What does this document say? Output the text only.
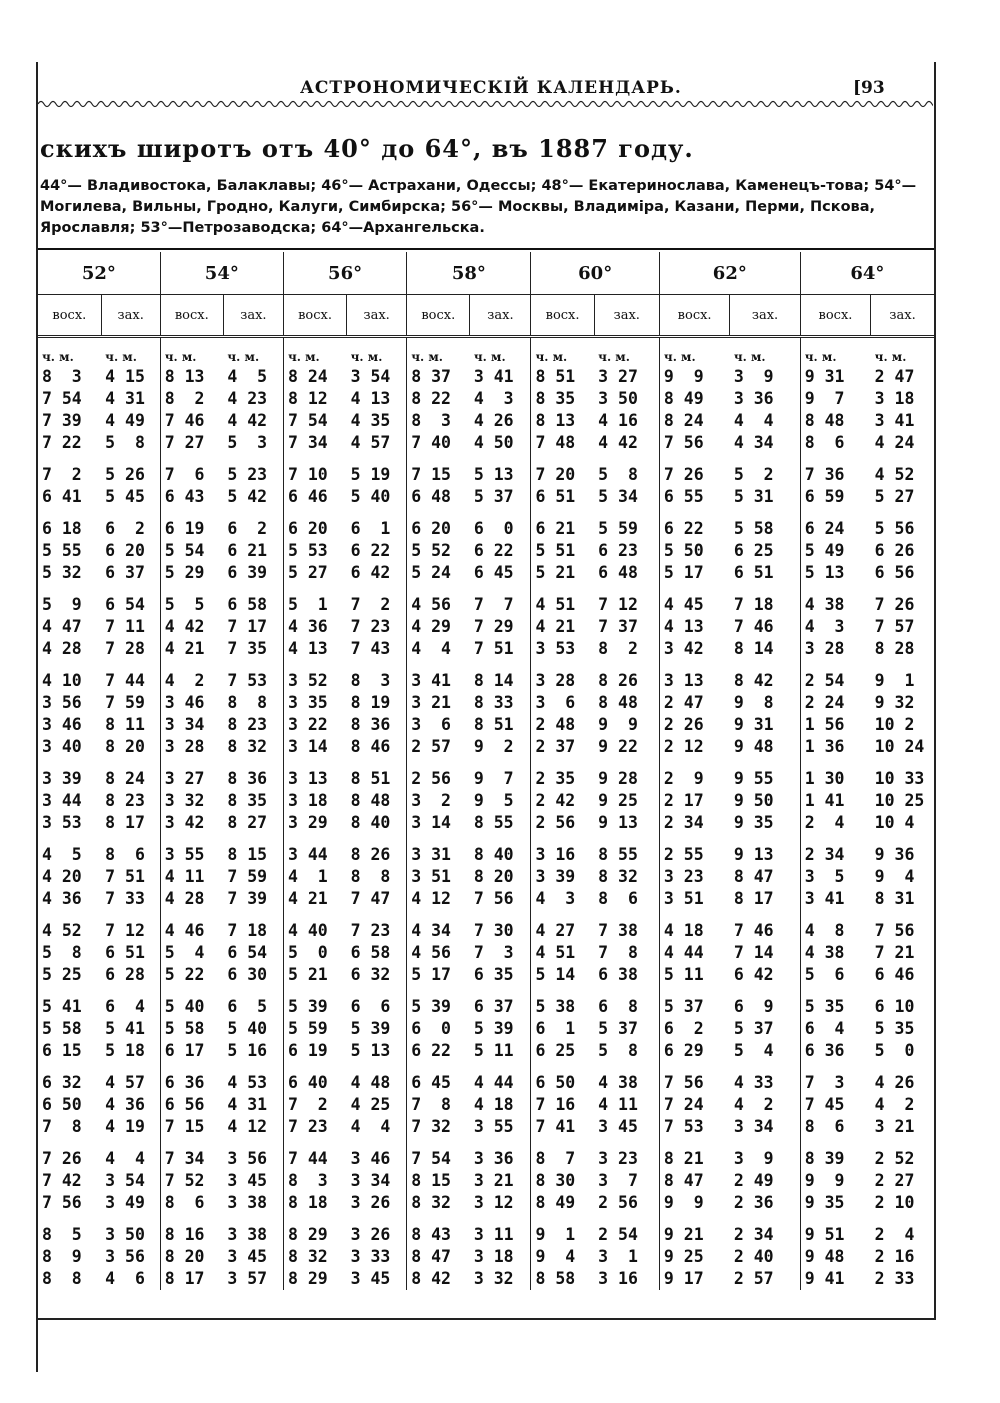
АСТРОНОМИЧЕСКІЙ КАЛЕНДАРЬ.	[93
скихъ широтъ отъ 40° до 64°, въ 1887 году.
44°— Владивостока, Балаклавы; 46°— Астрахани, Одессы; 48°— Екатеринослава, Каменецъ-това; 54°— Могилева, Вильны, Гродно, Калуги, Симбирска; 56°— Москвы, Владиміра, Казани, Перми, Пскова, Ярославля; 53°—Петрозаводска; 64°—Архангельска.
52°		54°		56°		58°		60°		62°		64°	
восх.	зах.	восх.	зах.	восх.	зах.	восх.	зах.	восх.	зах.	восх.	зах.	восх.	зах.
ч. м.	ч. м.	ч. м.	ч. м.	ч. м.	ч. м.	ч. м.	ч. м.	ч. м.	ч. м.	ч. м.	ч. м.	ч. м.	ч. м.
8  3	4 15	8 13	4  5	8 24	3 54	8 37	3 41	8 51	3 27	9  9	3  9	9 31	2 47
7 54	4 31	8  2	4 23	8 12	4 13	8 22	4  3	8 35	3 50	8 49	3 36	9  7	3 18
7 39	4 49	7 46	4 42	7 54	4 35	8  3	4 26	8 13	4 16	8 24	4  4	8 48	3 41
7 22	5  8	7 27	5  3	7 34	4 57	7 40	4 50	7 48	4 42	7 56	4 34	8  6	4 24
7  2	5 26	7  6	5 23	7 10	5 19	7 15	5 13	7 20	5  8	7 26	5  2	7 36	4 52
6 41	5 45	6 43	5 42	6 46	5 40	6 48	5 37	6 51	5 34	6 55	5 31	6 59	5 27
6 18	6  2	6 19	6  2	6 20	6  1	6 20	6  0	6 21	5 59	6 22	5 58	6 24	5 56
5 55	6 20	5 54	6 21	5 53	6 22	5 52	6 22	5 51	6 23	5 50	6 25	5 49	6 26
5 32	6 37	5 29	6 39	5 27	6 42	5 24	6 45	5 21	6 48	5 17	6 51	5 13	6 56
5  9	6 54	5  5	6 58	5  1	7  2	4 56	7  7	4 51	7 12	4 45	7 18	4 38	7 26
4 47	7 11	4 42	7 17	4 36	7 23	4 29	7 29	4 21	7 37	4 13	7 46	4  3	7 57
4 28	7 28	4 21	7 35	4 13	7 43	4  4	7 51	3 53	8  2	3 42	8 14	3 28	8 28
4 10	7 44	4  2	7 53	3 52	8  3	3 41	8 14	3 28	8 26	3 13	8 42	2 54	9  1
3 56	7 59	3 46	8  8	3 35	8 19	3 21	8 33	3  6	8 48	2 47	9  8	2 24	9 32
3 46	8 11	3 34	8 23	3 22	8 36	3  6	8 51	2 48	9  9	2 26	9 31	1 56	10 2
3 40	8 20	3 28	8 32	3 14	8 46	2 57	9  2	2 37	9 22	2 12	9 48	1 36	10 24
3 39	8 24	3 27	8 36	3 13	8 51	2 56	9  7	2 35	9 28	2  9	9 55	1 30	10 33
3 44	8 23	3 32	8 35	3 18	8 48	3  2	9  5	2 42	9 25	2 17	9 50	1 41	10 25
3 53	8 17	3 42	8 27	3 29	8 40	3 14	8 55	2 56	9 13	2 34	9 35	2  4	10 4
4  5	8  6	3 55	8 15	3 44	8 26	3 31	8 40	3 16	8 55	2 55	9 13	2 34	9 36
4 20	7 51	4 11	7 59	4  1	8  8	3 51	8 20	3 39	8 32	3 23	8 47	3  5	9  4
4 36	7 33	4 28	7 39	4 21	7 47	4 12	7 56	4  3	8  6	3 51	8 17	3 41	8 31
4 52	7 12	4 46	7 18	4 40	7 23	4 34	7 30	4 27	7 38	4 18	7 46	4  8	7 56
5  8	6 51	5  4	6 54	5  0	6 58	4 56	7  3	4 51	7  8	4 44	7 14	4 38	7 21
5 25	6 28	5 22	6 30	5 21	6 32	5 17	6 35	5 14	6 38	5 11	6 42	5  6	6 46
5 41	6  4	5 40	6  5	5 39	6  6	5 39	6 37	5 38	6  8	5 37	6  9	5 35	6 10
5 58	5 41	5 58	5 40	5 59	5 39	6  0	5 39	6  1	5 37	6  2	5 37	6  4	5 35
6 15	5 18	6 17	5 16	6 19	5 13	6 22	5 11	6 25	5  8	6 29	5  4	6 36	5  0
6 32	4 57	6 36	4 53	6 40	4 48	6 45	4 44	6 50	4 38	7 56	4 33	7  3	4 26
6 50	4 36	6 56	4 31	7  2	4 25	7  8	4 18	7 16	4 11	7 24	4  2	7 45	4  2
7  8	4 19	7 15	4 12	7 23	4  4	7 32	3 55	7 41	3 45	7 53	3 34	8  6	3 21
7 26	4  4	7 34	3 56	7 44	3 46	7 54	3 36	8  7	3 23	8 21	3  9	8 39	2 52
7 42	3 54	7 52	3 45	8  3	3 34	8 15	3 21	8 30	3  7	8 47	2 49	9  9	2 27
7 56	3 49	8  6	3 38	8 18	3 26	8 32	3 12	8 49	2 56	9  9	2 36	9 35	2 10
8  5	3 50	8 16	3 38	8 29	3 26	8 43	3 11	9  1	2 54	9 21	2 34	9 51	2  4
8  9	3 56	8 20	3 45	8 32	3 33	8 47	3 18	9  4	3  1	9 25	2 40	9 48	2 16
8  8	4  6	8 17	3 57	8 29	3 45	8 42	3 32	8 58	3 16	9 17	2 57	9 41	2 33
